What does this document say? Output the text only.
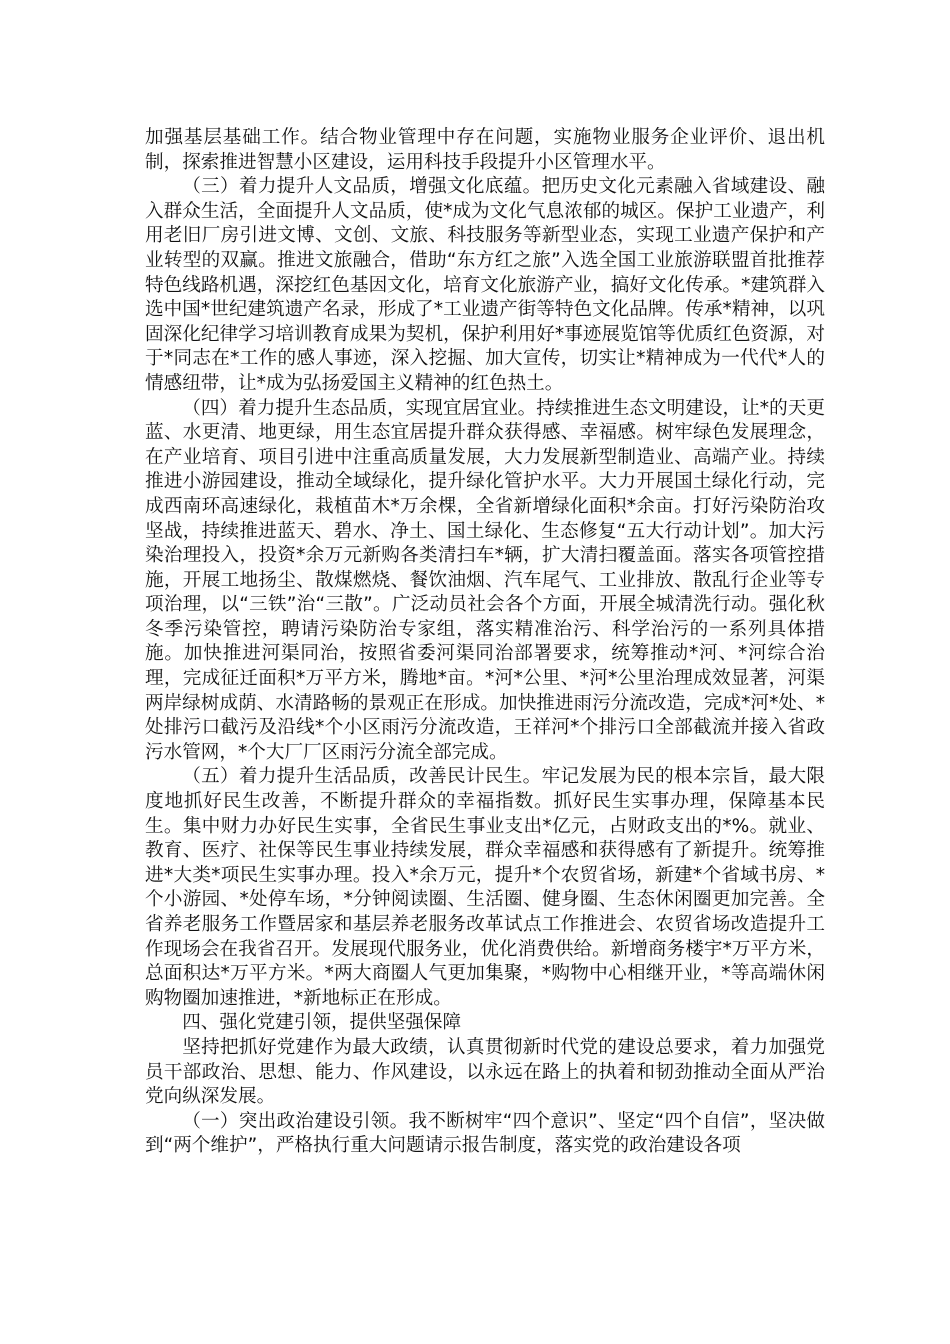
加强基层基础工作。结合物业管理中存在问题，实施物业服务企业评价、退出机制，探索推进智慧小区建设，运用科技手段提升小区管理水平。

（三）着力提升人文品质，增强文化底蕴。把历史文化元素融入省域建设、融入群众生活，全面提升人文品质，使*成为文化气息浓郁的城区。保护工业遗产，利用老旧厂房引进文博、文创、文旅、科技服务等新型业态，实现工业遗产保护和产业转型的双赢。推进文旅融合，借助“东方红之旅”入选全国工业旅游联盟首批推荐特色线路机遇，深挖红色基因文化，培育文化旅游产业，搞好文化传承。*建筑群入选中国*世纪建筑遗产名录，形成了*工业遗产街等特色文化品牌。传承*精神，以巩固深化纪律学习培训教育成果为契机，保护利用好*事迹展览馆等优质红色资源，对于*同志在*工作的感人事迹，深入挖掘、加大宣传，切实让*精神成为一代代*人的情感纽带，让*成为弘扬爱国主义精神的红色热土。

（四）着力提升生态品质，实现宜居宜业。持续推进生态文明建设，让*的天更蓝、水更清、地更绿，用生态宜居提升群众获得感、幸福感。树牢绿色发展理念，在产业培育、项目引进中注重高质量发展，大力发展新型制造业、高端产业。持续推进小游园建设，推动全域绿化，提升绿化管护水平。大力开展国土绿化行动，完成西南环高速绿化，栽植苗木*万余棵，全省新增绿化面积*余亩。打好污染防治攻坚战，持续推进蓝天、碧水、净土、国土绿化、生态修复“五大行动计划”。加大污染治理投入，投资*余万元新购各类清扫车*辆，扩大清扫覆盖面。落实各项管控措施，开展工地扬尘、散煤燃烧、餐饮油烟、汽车尾气、工业排放、散乱行企业等专项治理，以“三铁”治“三散”。广泛动员社会各个方面，开展全城清洗行动。强化秋冬季污染管控，聘请污染防治专家组，落实精准治污、科学治污的一系列具体措施。加快推进河渠同治，按照省委河渠同治部署要求，统筹推动*河、*河综合治理，完成征迁面积*万平方米，腾地*亩。*河*公里、*河*公里治理成效显著，河渠两岸绿树成荫、水清路畅的景观正在形成。加快推进雨污分流改造，完成*河*处、*处排污口截污及沿线*个小区雨污分流改造，王祥河*个排污口全部截流并接入省政污水管网，*个大厂厂区雨污分流全部完成。

（五）着力提升生活品质，改善民计民生。牢记发展为民的根本宗旨，最大限度地抓好民生改善，不断提升群众的幸福指数。抓好民生实事办理，保障基本民生。集中财力办好民生实事，全省民生事业支出*亿元，占财政支出的*%。就业、教育、医疗、社保等民生事业持续发展，群众幸福感和获得感有了新提升。统筹推进*大类*项民生实事办理。投入*余万元，提升*个农贸省场，新建*个省域书房、*个小游园、*处停车场，*分钟阅读圈、生活圈、健身圈、生态休闲圈更加完善。全省养老服务工作暨居家和基层养老服务改革试点工作推进会、农贸省场改造提升工作现场会在我省召开。发展现代服务业，优化消费供给。新增商务楼宇*万平方米，总面积达*万平方米。*两大商圈人气更加集聚，*购物中心相继开业，*等高端休闲购物圈加速推进，*新地标正在形成。

四、强化党建引领，提供坚强保障

坚持把抓好党建作为最大政绩，认真贯彻新时代党的建设总要求，着力加强党员干部政治、思想、能力、作风建设，以永远在路上的执着和韧劲推动全面从严治党向纵深发展。

（一）突出政治建设引领。我不断树牢“四个意识”、坚定“四个自信”，坚决做到“两个维护”，严格执行重大问题请示报告制度，落实党的政治建设各项
